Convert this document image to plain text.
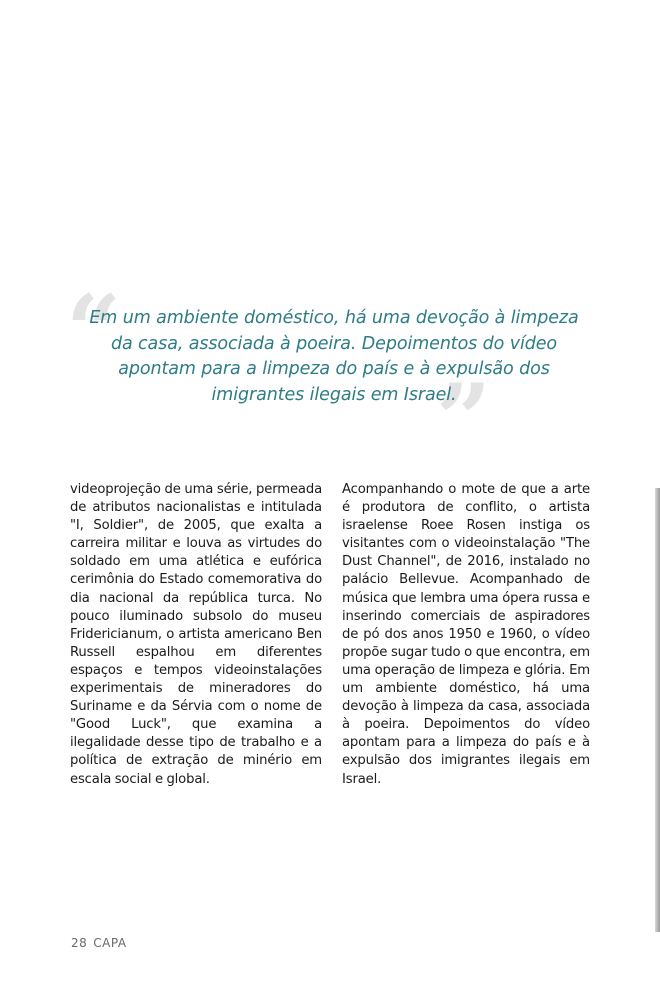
“
”

Em um ambiente doméstico, há uma devoção à limpeza da casa, associada à poeira. Depoimentos do vídeo apontam para a limpeza do país e à expulsão dos imigrantes ilegais em Israel.

videoprojeção de uma série, permeada de atributos nacionalistas e intitulada "I, Soldier", de 2005, que exalta a carreira militar e louva as virtudes do soldado em uma atlética e eufórica cerimônia do Estado comemorativa do dia nacional da república turca. No pouco iluminado subsolo do museu Fridericianum, o artista americano Ben Russell espalhou em diferentes espaços e tempos videoinstalações experimentais de mineradores do Suriname e da Sérvia com o nome de "Good Luck", que examina a ilegalidade desse tipo de trabalho e a política de extração de minério em escala social e global.

Acompanhando o mote de que a arte é produtora de conflito, o artista israelense Roee Rosen instiga os visitantes com o videoinstalação "The Dust Channel", de 2016, instalado no palácio Bellevue. Acompanhado de música que lembra uma ópera russa e inserindo comerciais de aspiradores de pó dos anos 1950 e 1960, o vídeo propõe sugar tudo o que encontra, em uma operação de limpeza e glória. Em um ambiente doméstico, há uma devoção à limpeza da casa, associada à poeira. Depoimentos do vídeo apontam para a limpeza do país e à expulsão dos imigrantes ilegais em Israel.

28 CAPA
